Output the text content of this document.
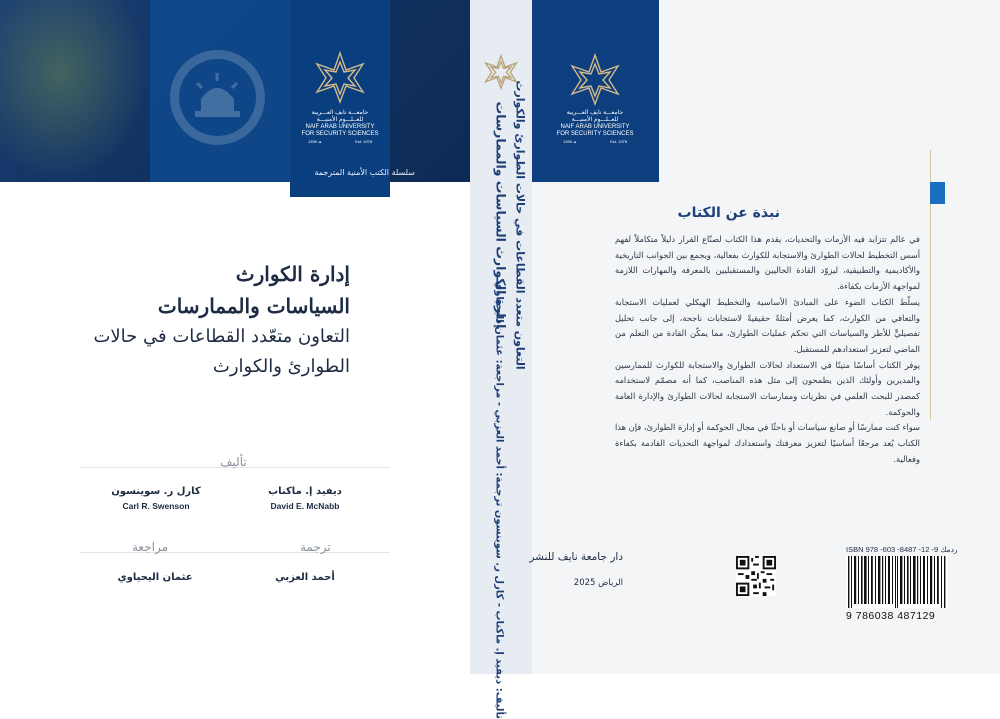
جامعـــة نايف العـــربية
للعــلـــوم الأمنيـــة
NAIF ARAB UNIVERSITY
FOR SECURITY SCIENCES
1399 هـ	Est. 1978
سلسلة الكتب الأمنية المترجمة
إدارة الكوارث
السياسات والممارسات
التعاون متعّدد القطاعات في حالات
الطوارئ والكوارث
تأليف
ديفيد إ. ماكناب
David E. McNabb
كارل ر. سوينسون
Carl R. Swenson
ترجمة
مراجعة
أحمد العزبي
عثمان اليحياوي
إدارة الكوارث السياسات والممارسات التعاون متعدد القطاعات في حالات الطوارئ والكوارث
تأليف: ديفيد إ. ماكناب - كارل ر. سوينسون ترجمة: أحمد العزبي - مراجعة: عثمان اليحياوي
جامعـــة نايف العـــربية
للعــلـــوم الأمنيـــة
NAIF ARAB UNIVERSITY
FOR SECURITY SCIENCES
1399 هـ	Est. 1978
نبذة عن الكتاب

في عالم تتزايد فيه الأزمات والتحديات، يقدم هذا الكتاب لصنّاع القرار دليلاً متكاملاً لفهم أسس التخطيط لحالات الطوارئ والاستجابة للكوارث بفعالية، ويجمع بين الجوانب التاريخية والأكاديمية والتطبيقية، ليزوّد القادة الحاليين والمستقبليين بالمعرفة والمهارات اللازمة لمواجهة الأزمات بكفاءة.

يسلّط الكتاب الضوء على المبادئ الأساسية والتخطيط الهيكلي لعمليات الاستجابة والتعافي من الكوارث، كما يعرض أمثلةً حقيقيةً لاستجابات ناجحة، إلى جانب تحليل تفصيليٍّ للأطر والسياسات التي تحكم عمليات الطوارئ، مما يمكّن القادة من التعلم من الماضي لتعزيز استعدادهم للمستقبل.

يوفر الكتاب أساسًا متينًا في الاستعداد لحالات الطوارئ والاستجابة للكوارث للممارسين والمديرين وأولئك الذين يطمحون إلى مثل هذه المناصب، كما أنه مصمّم لاستخدامه كمصدر للبحث العلمي في نظريات وممارسات الاستجابة لحالات الطوارئ والإدارة العامة والحوكمة.

سواء كنت ممارسًا أو صانع سياسات أو باحثًا في مجال الحوكمة أو إدارة الطوارئ، فإن هذا الكتاب يُعد مرجعًا أساسيًا لتعزيز معرفتك واستعدادك لمواجهة التحديات القادمة بكفاءة وفعالية.

دار جامعة نايف للنشر
الرياض 2025
ISBN 978 -603 -8487 -12 -9 ردمك
9 786038 487129
